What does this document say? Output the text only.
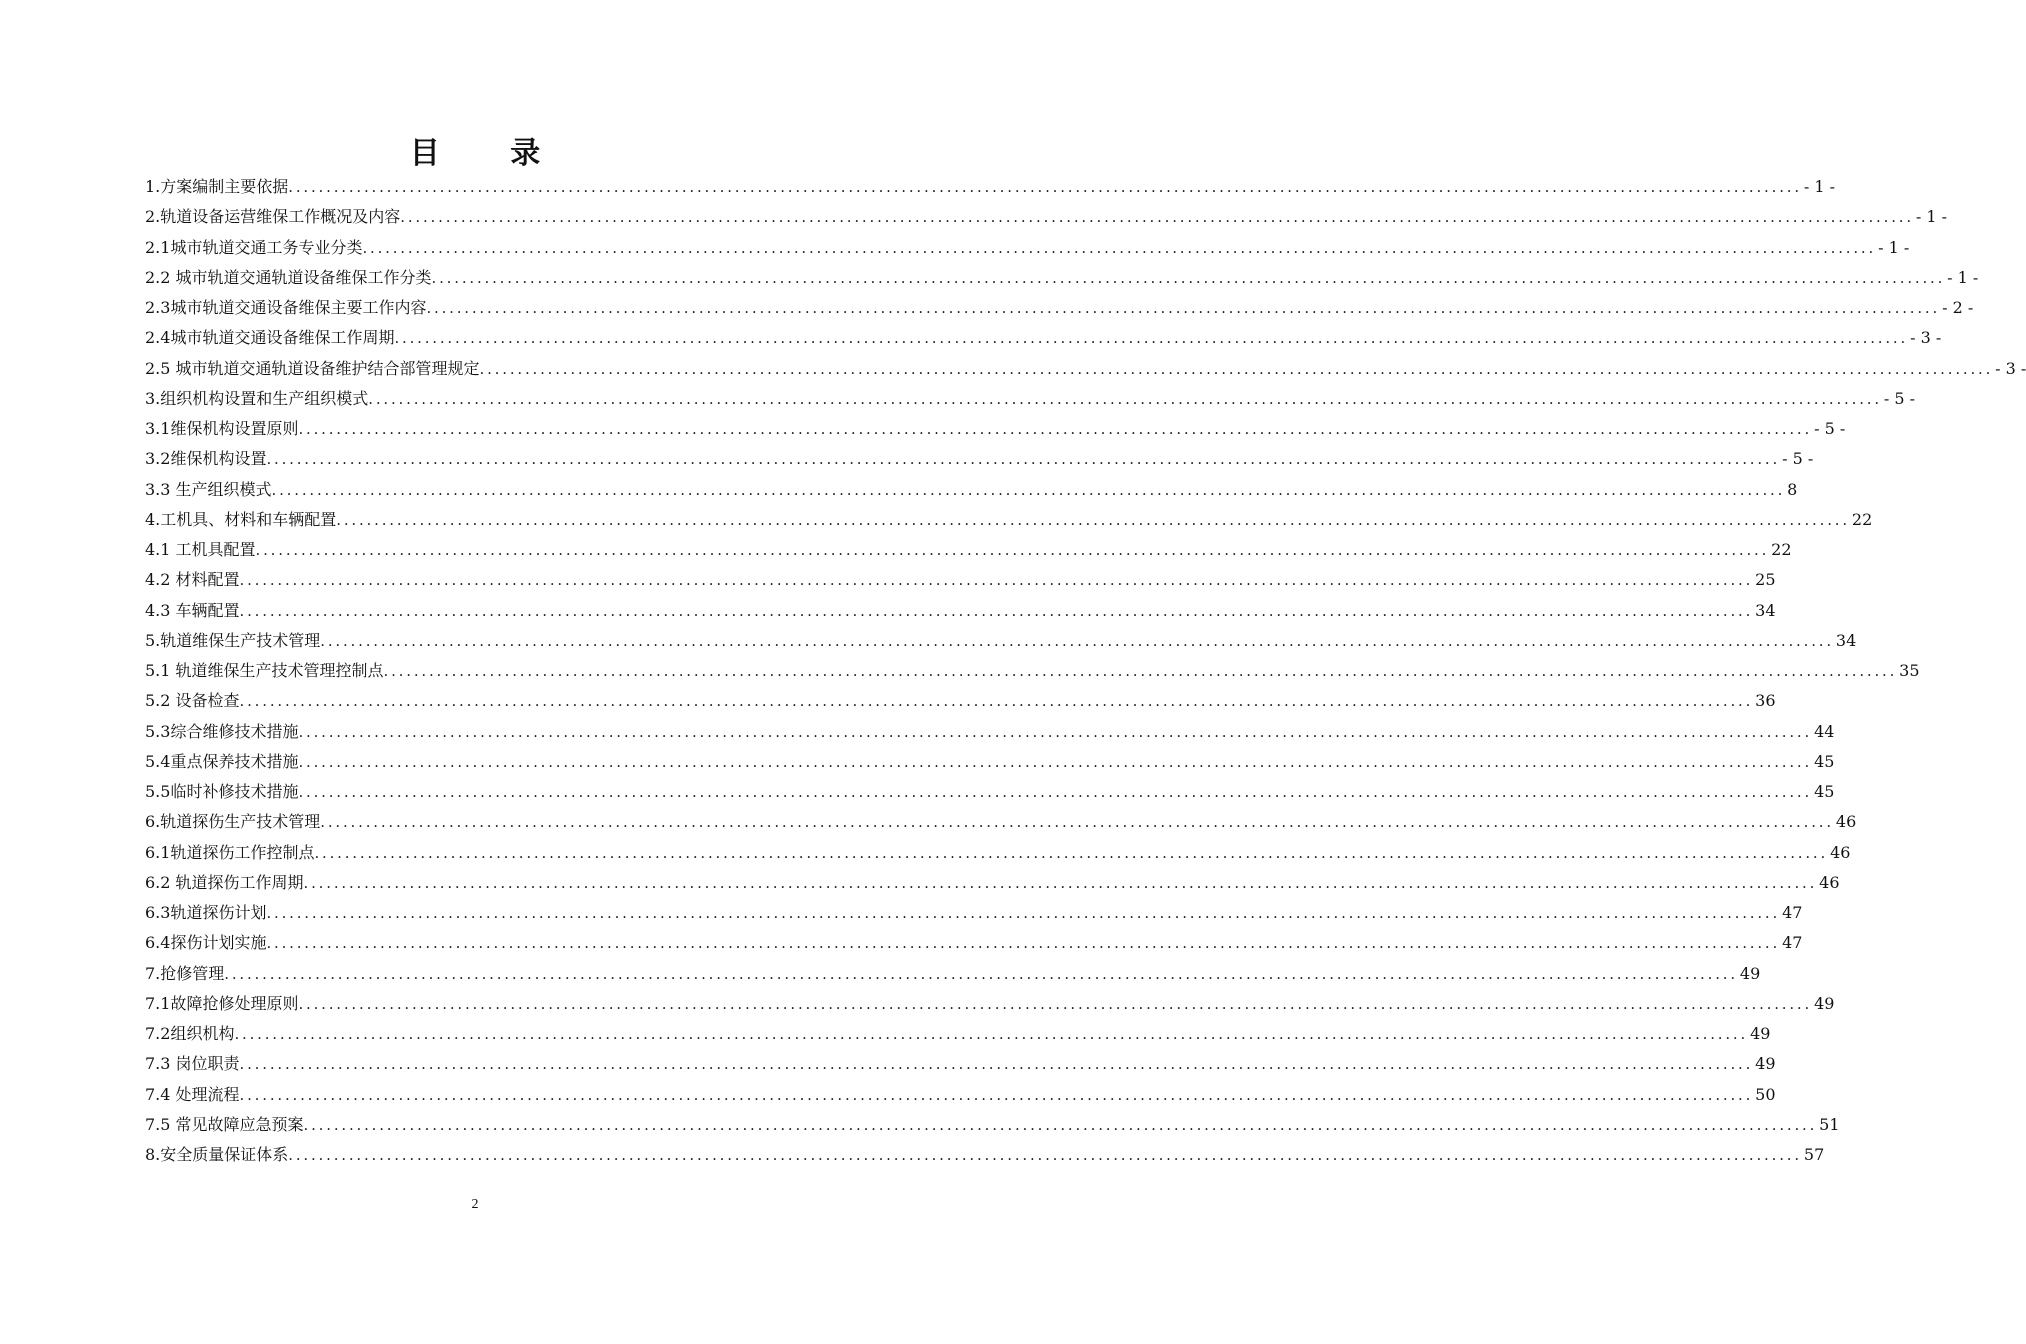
目 录
1.方案编制主要依据 ........................................................................................................................................................................................................ - 1 -
2.轨道设备运营维保工作概况及内容 ........................................................................................................................................................................................................ - 1 -
2.1城市轨道交通工务专业分类 ........................................................................................................................................................................................................ - 1 -
2.2 城市轨道交通轨道设备维保工作分类 ........................................................................................................................................................................................................ - 1 -
2.3城市轨道交通设备维保主要工作内容 ........................................................................................................................................................................................................ - 2 -
2.4城市轨道交通设备维保工作周期 ........................................................................................................................................................................................................ - 3 -
2.5 城市轨道交通轨道设备维护结合部管理规定 ........................................................................................................................................................................................................ - 3 -
3.组织机构设置和生产组织模式 ........................................................................................................................................................................................................ - 5 -
3.1维保机构设置原则 ........................................................................................................................................................................................................ - 5 -
3.2维保机构设置 ........................................................................................................................................................................................................ - 5 -
3.3 生产组织模式 ........................................................................................................................................................................................................ 8
4.工机具、材料和车辆配置 ........................................................................................................................................................................................................ 22
4.1 工机具配置 ........................................................................................................................................................................................................ 22
4.2 材料配置 ........................................................................................................................................................................................................ 25
4.3 车辆配置 ........................................................................................................................................................................................................ 34
5.轨道维保生产技术管理 ........................................................................................................................................................................................................ 34
5.1 轨道维保生产技术管理控制点 ........................................................................................................................................................................................................ 35
5.2 设备检查 ........................................................................................................................................................................................................ 36
5.3综合维修技术措施 ........................................................................................................................................................................................................ 44
5.4重点保养技术措施 ........................................................................................................................................................................................................ 45
5.5临时补修技术措施 ........................................................................................................................................................................................................ 45
6.轨道探伤生产技术管理 ........................................................................................................................................................................................................ 46
6.1轨道探伤工作控制点 ........................................................................................................................................................................................................ 46
6.2 轨道探伤工作周期 ........................................................................................................................................................................................................ 46
6.3轨道探伤计划 ........................................................................................................................................................................................................ 47
6.4探伤计划实施 ........................................................................................................................................................................................................ 47
7.抢修管理 ........................................................................................................................................................................................................ 49
7.1故障抢修处理原则 ........................................................................................................................................................................................................ 49
7.2组织机构 ........................................................................................................................................................................................................ 49
7.3 岗位职责 ........................................................................................................................................................................................................ 49
7.4 处理流程 ........................................................................................................................................................................................................ 50
7.5 常见故障应急预案 ........................................................................................................................................................................................................ 51
8.安全质量保证体系 ........................................................................................................................................................................................................ 57
2
